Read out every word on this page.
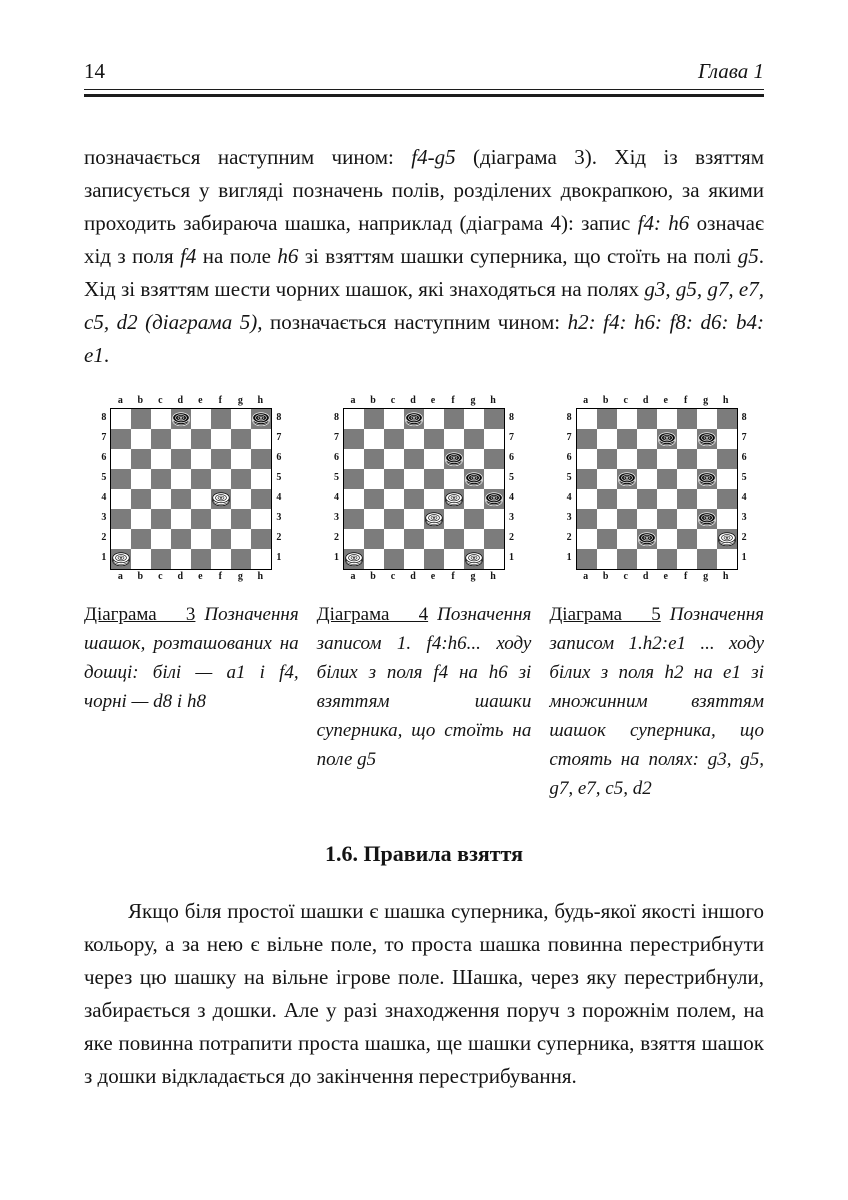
14	Глава 1

позначається наступним чином: f4-g5 (діаграма 3). Хід із взяттям записується у вигляді позначень полів, розділених двокрапкою, за якими проходить забираюча шашка, наприклад (діаграма 4): запис f4: h6 означає хід з поля f4 на поле h6 зі взяттям шашки суперника, що стоїть на полі g5. Хід зі взяттям шести чорних шашок, які знаходяться на полях g3, g5, g7, e7, c5, d2 (діаграма 5), позначається наступним чином: h2: f4: h6: f8: d6: b4: e1.

a	b	c	d	e	f	g	h
8
7
6
5
4
3
2
1
8
7
6
5
4
3
2
1
a	b	c	d	e	f	g	h

Діаграма 3 Позначення шашок, розташованих на дошці: білі — a1 і f4, чорні — d8 і h8

a	b	c	d	e	f	g	h
8
7
6
5
4
3
2
1
8
7
6
5
4
3
2
1
a	b	c	d	e	f	g	h

Діаграма 4 Позначення записом 1. f4:h6... ходу білих з поля f4 на h6 зі взяттям шашки суперника, що стоїть на поле g5

a	b	c	d	e	f	g	h
8
7
6
5
4
3
2
1
8
7
6
5
4
3
2
1
a	b	c	d	e	f	g	h

Діаграма 5 Позначення записом 1.h2:e1 ... ходу білих з поля h2 на e1 зі множинним взяттям шашок суперника, що стоять на полях: g3, g5, g7, e7, c5, d2

1.6. Правила взяття

Якщо біля простої шашки є шашка суперника, будь-якої якості іншого кольору, а за нею є вільне поле, то проста шашка повинна перестрибнути через цю шашку на вільне ігрове поле. Шашка, через яку перестрибнули, забирається з дошки. Але у разі знаходження поруч з порожнім полем, на яке повинна потрапити проста шашка, ще шашки суперника, взяття шашок з дошки відкладається до закінчення перестрибування.
